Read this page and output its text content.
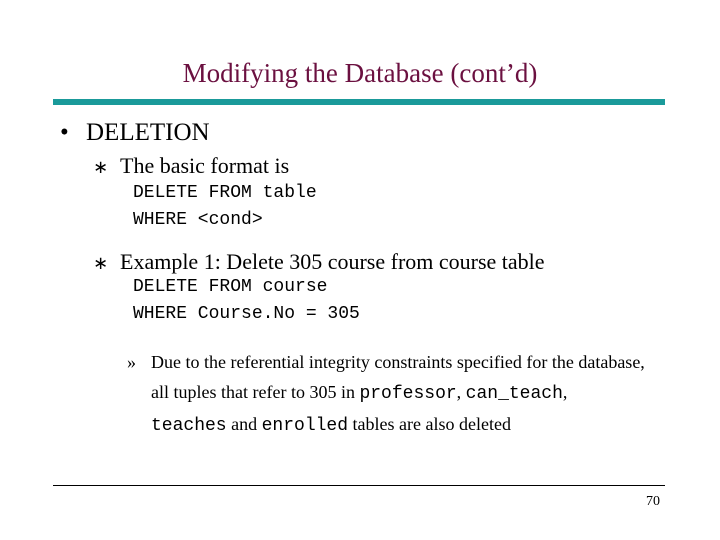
Modifying the Database (cont’d)
• DELETION
∗ The basic format is
DELETE FROM table
WHERE <cond>
∗ Example 1: Delete 305 course from course table
DELETE FROM course
WHERE Course.No = 305
» Due to the referential integrity constraints specified for the database, all tuples that refer to 305 in professor, can_teach, teaches and enrolled tables are also deleted
70
